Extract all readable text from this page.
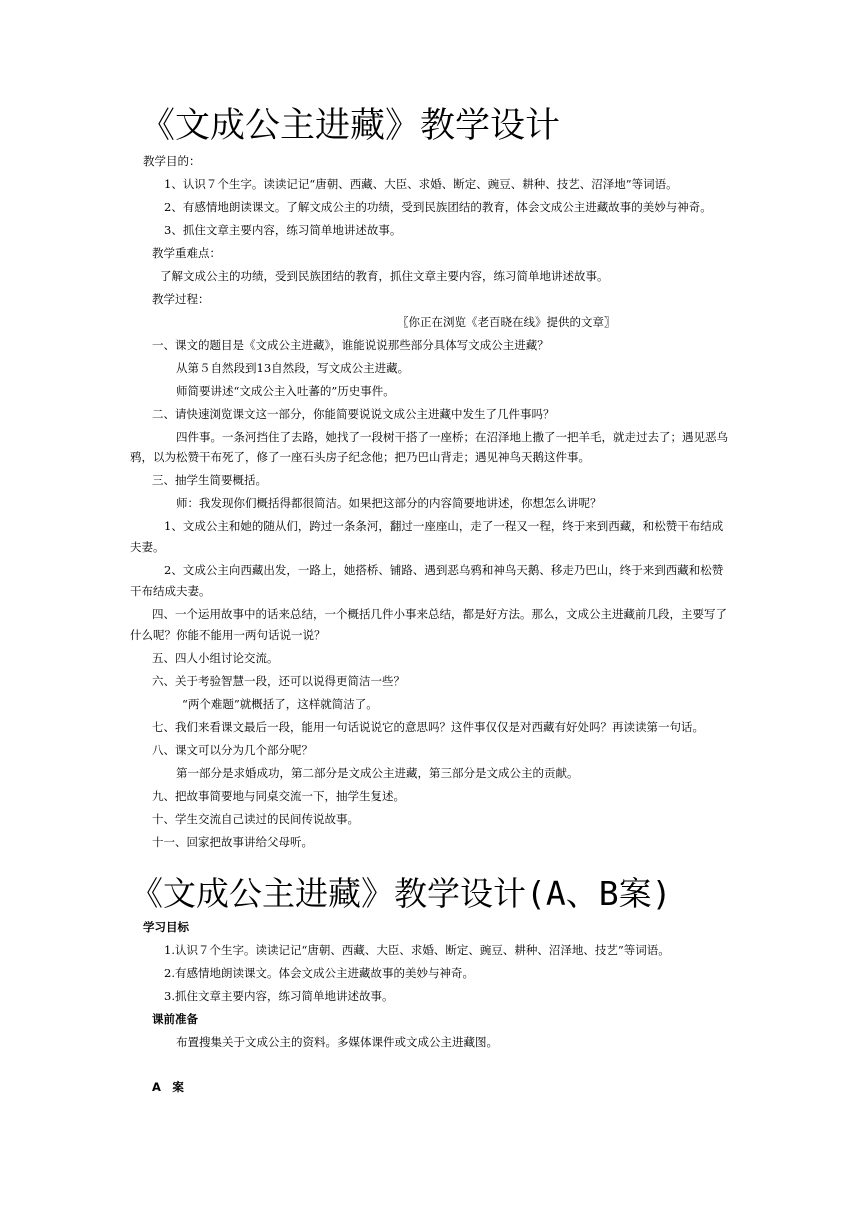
《文成公主进藏》教学设计
教学目的：
1、认识７个生字。读读记记“唐朝、西藏、大臣、求婚、断定、豌豆、耕种、技艺、沼泽地”等词语。
2、有感情地朗读课文。了解文成公主的功绩，受到民族团结的教育，体会文成公主进藏故事的美妙与神奇。
3、抓住文章主要内容，练习简单地讲述故事。
教学重难点：
了解文成公主的功绩，受到民族团结的教育，抓住文章主要内容，练习简单地讲述故事。
教学过程：
〖你正在浏览《老百晓在线》提供的文章〗
一、课文的题目是《文成公主进藏》，谁能说说那些部分具体写文成公主进藏？
从第５自然段到13自然段，写文成公主进藏。
师简要讲述“文成公主入吐蕃的”历史事件。
二、请快速浏览课文这一部分，你能简要说说文成公主进藏中发生了几件事吗？
四件事。一条河挡住了去路，她找了一段树干搭了一座桥；在沼泽地上撒了一把羊毛，就走过去了；遇见恶乌
鸦，以为松赞干布死了，修了一座石头房子纪念他；把乃巴山背走；遇见神鸟天鹅这件事。
三、抽学生简要概括。
师：我发现你们概括得都很简洁。如果把这部分的内容简要地讲述，你想怎么讲呢？
1、文成公主和她的随从们，跨过一条条河，翻过一座座山，走了一程又一程，终于来到西藏，和松赞干布结成
夫妻。
2、文成公主向西藏出发，一路上，她搭桥、铺路、遇到恶乌鸦和神鸟天鹅、移走乃巴山，终于来到西藏和松赞
干布结成夫妻。
四、一个运用故事中的话来总结，一个概括几件小事来总结，都是好方法。那么，文成公主进藏前几段，主要写了
什么呢？你能不能用一两句话说一说？
五、四人小组讨论交流。
六、关于考验智慧一段，还可以说得更简洁一些？
“两个难题”就概括了，这样就简洁了。
七、我们来看课文最后一段，能用一句话说说它的意思吗？这件事仅仅是对西藏有好处吗？再读读第一句话。
八、课文可以分为几个部分呢？
第一部分是求婚成功，第二部分是文成公主进藏，第三部分是文成公主的贡献。
九、把故事简要地与同桌交流一下，抽学生复述。
十、学生交流自己读过的民间传说故事。
十一、回家把故事讲给父母听。
《文成公主进藏》教学设计(A、B案)
学习目标
1.认识７个生字。读读记记“唐朝、西藏、大臣、求婚、断定、豌豆、耕种、沼泽地、技艺”等词语。
2.有感情地朗读课文。体会文成公主进藏故事的美妙与神奇。
3.抓住文章主要内容，练习简单地讲述故事。
课前准备
布置搜集关于文成公主的资料。多媒体课件或文成公主进藏图。
A　案
